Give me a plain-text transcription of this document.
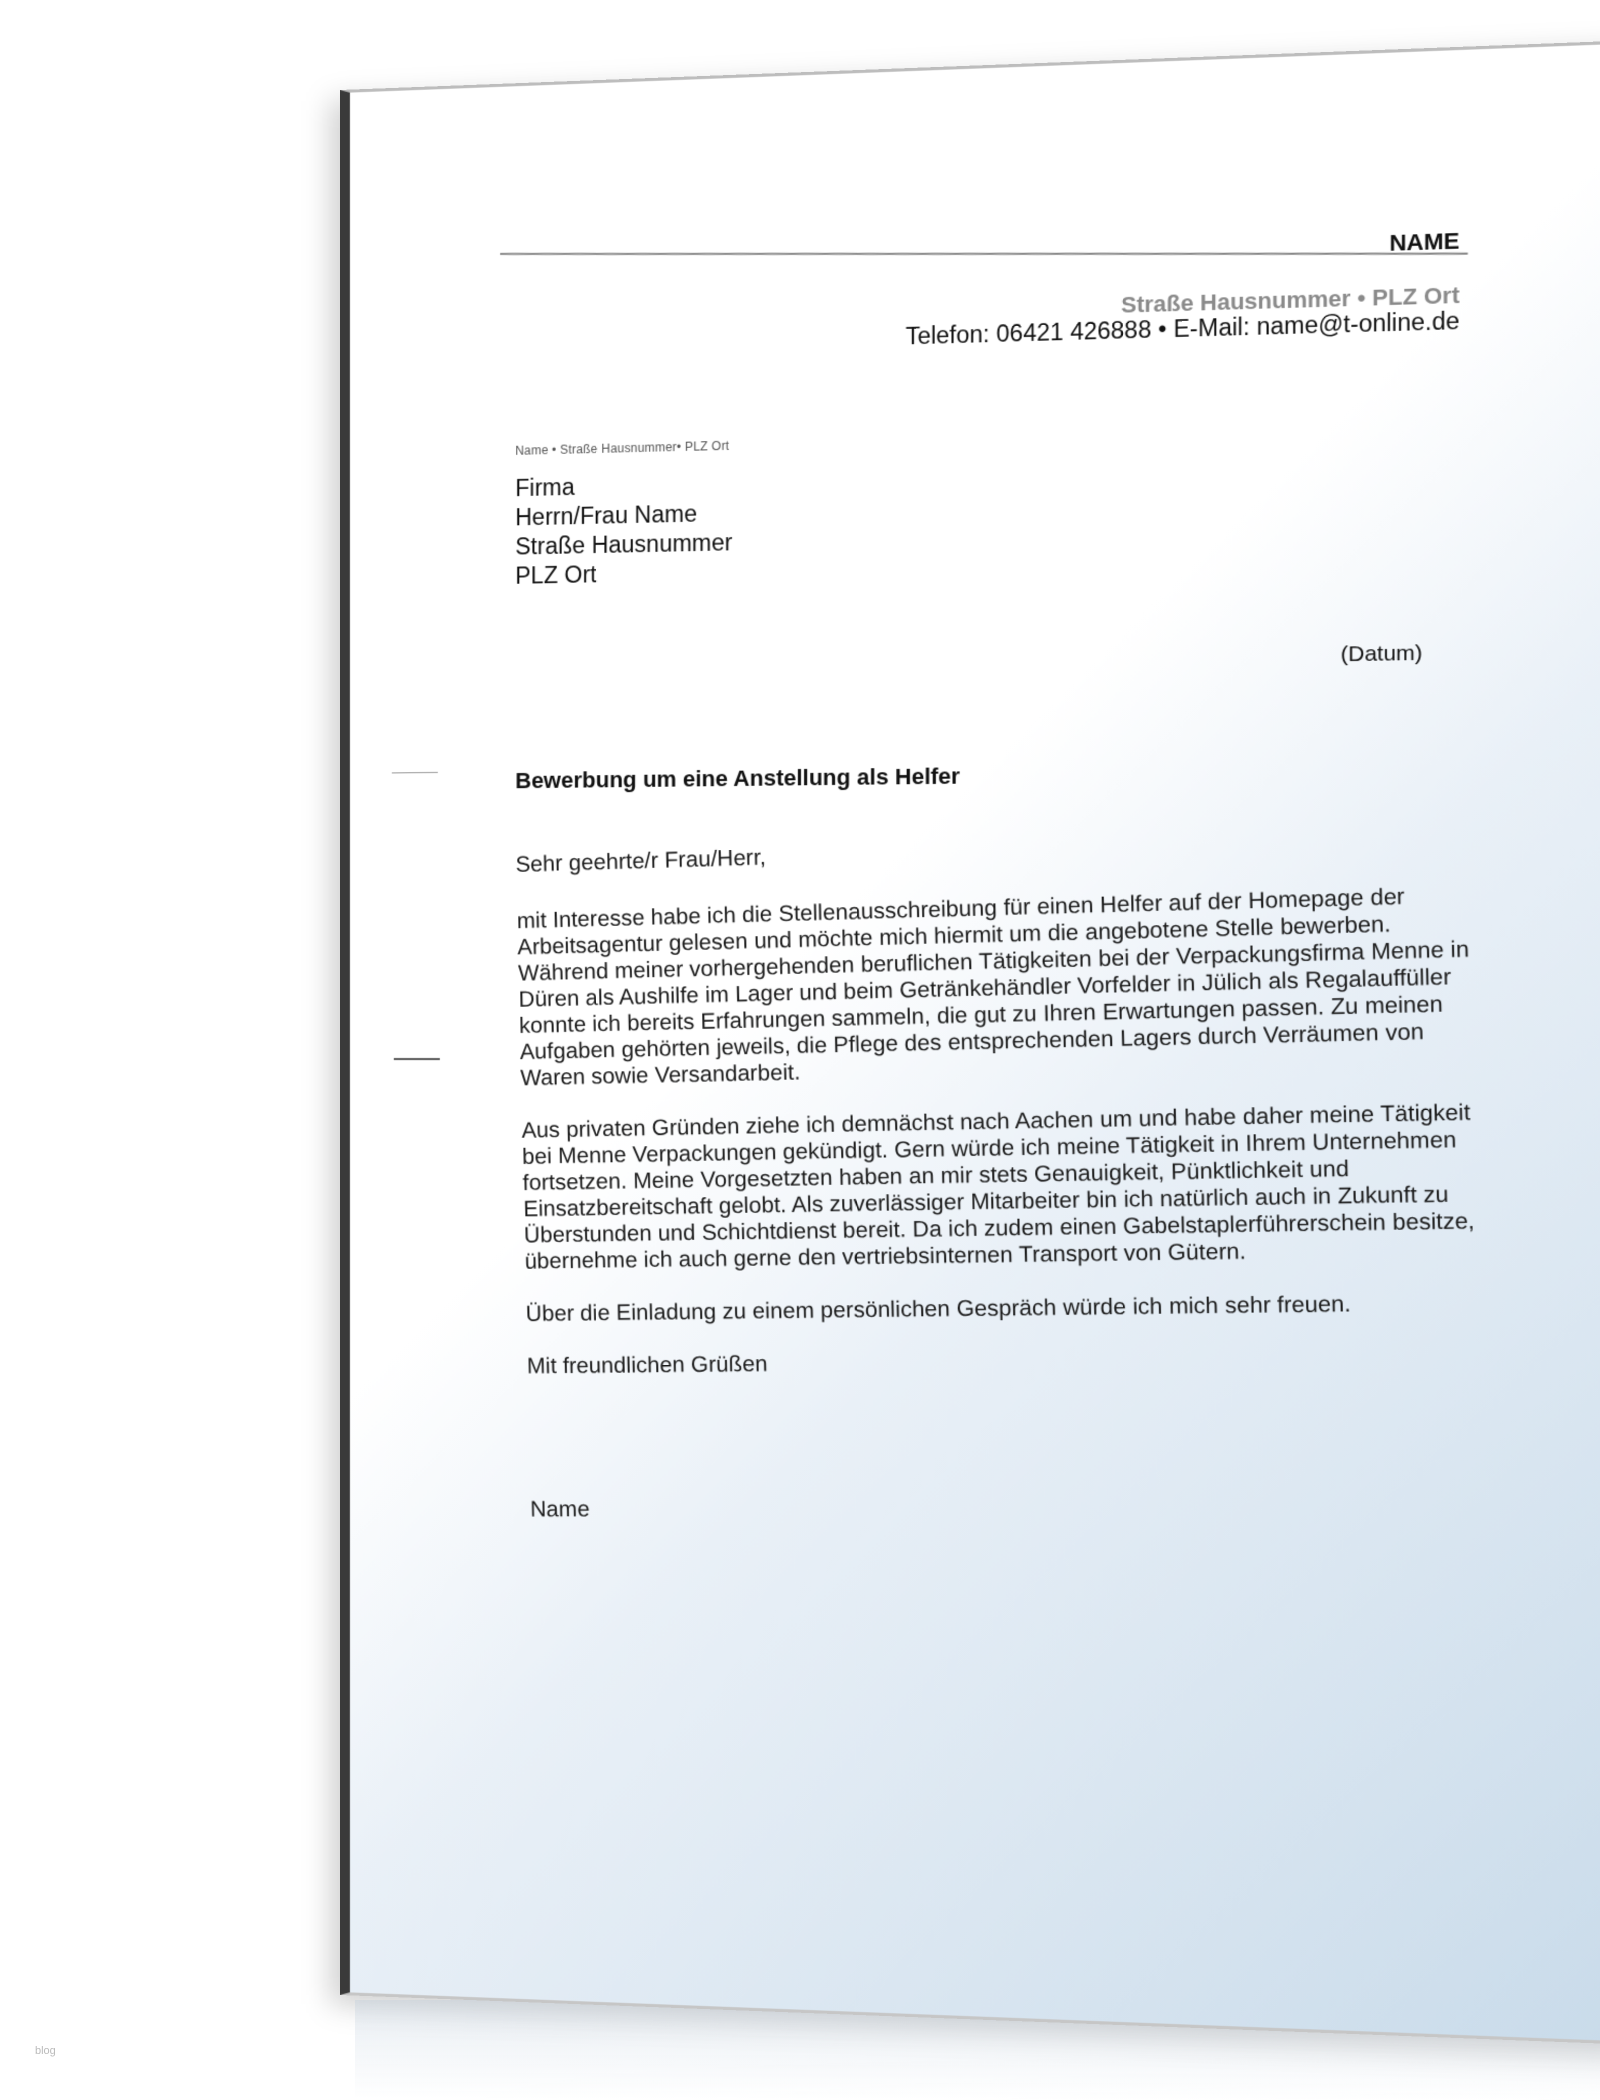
NAME
Straße Hausnummer • PLZ Ort
Telefon: 06421 426888 • E-Mail: name@t-online.de
Name • Straße Hausnummer• PLZ Ort
Firma
Herrn/Frau Name
Straße Hausnummer
PLZ Ort
(Datum)
Bewerbung um eine Anstellung als Helfer

Sehr geehrte/r Frau/Herr,

mit Interesse habe ich die Stellenausschreibung für einen Helfer auf der Homepage der Arbeitsagentur gelesen und möchte mich hiermit um die angebotene Stelle bewerben. Während meiner vorhergehenden beruflichen Tätigkeiten bei der Verpackungsfirma Menne in Düren als Aushilfe im Lager und beim Getränkehändler Vorfelder in Jülich als Regalauffüller konnte ich bereits Erfahrungen sammeln, die gut zu Ihren Erwartungen passen. Zu meinen Aufgaben gehörten jeweils, die Pflege des entsprechenden Lagers durch Verräumen von Waren sowie Versandarbeit.

Aus privaten Gründen ziehe ich demnächst nach Aachen um und habe daher meine Tätigkeit bei Menne Verpackungen gekündigt. Gern würde ich meine Tätigkeit in Ihrem Unternehmen fortsetzen. Meine Vorgesetzten haben an mir stets Genauigkeit, Pünktlichkeit und Einsatzbereitschaft gelobt. Als zuverlässiger Mitarbeiter bin ich natürlich auch in Zukunft zu Überstunden und Schichtdienst bereit. Da ich zudem einen Gabelstaplerführerschein besitze, übernehme ich auch gerne den vertriebsinternen Transport von Gütern.

Über die Einladung zu einem persönlichen Gespräch würde ich mich sehr freuen.

Mit freundlichen Grüßen

Name

blog
